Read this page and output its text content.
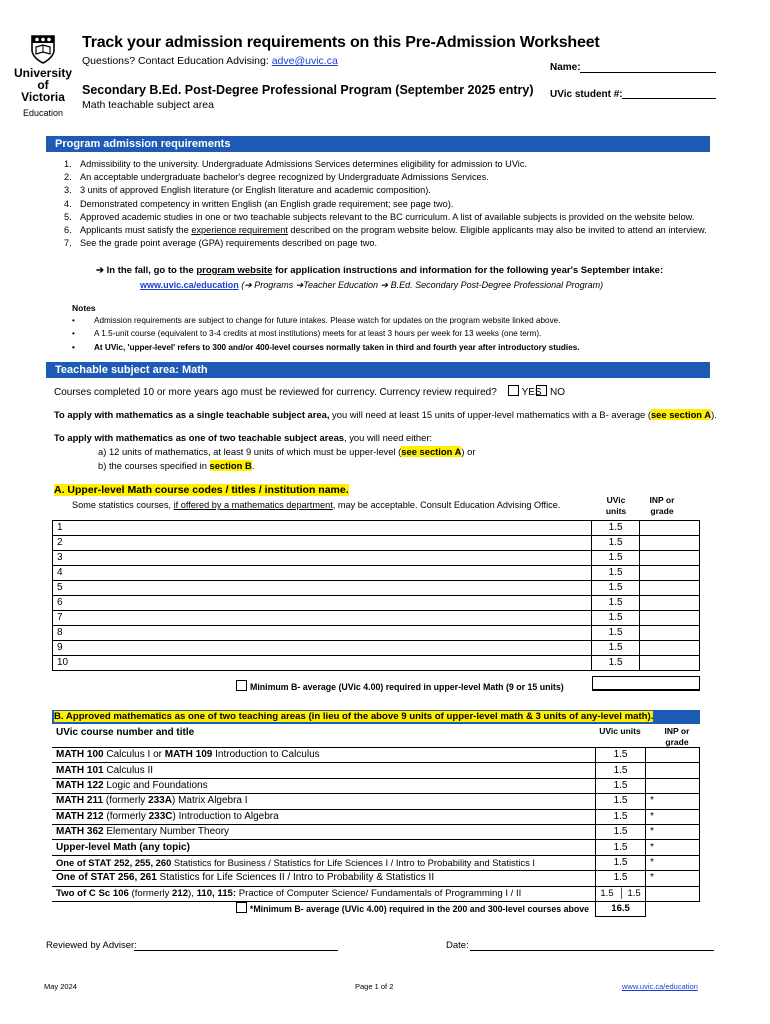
University
of Victoria
Education
Track your admission requirements on this Pre-Admission Worksheet
Questions? Contact Education Advising: adve@uvic.ca
Secondary B.Ed. Post-Degree Professional Program (September 2025 entry)
Math teachable subject area
Name:
UVic student #:
Program admission requirements
1. Admissibility to the university. Undergraduate Admissions Services determines eligibility for admission to UVic.
2. An acceptable undergraduate bachelor's degree recognized by Undergraduate Admissions Services.
3. 3 units of approved English literature (or English literature and academic composition).
4. Demonstrated competency in written English (an English grade requirement; see page two).
5. Approved academic studies in one or two teachable subjects relevant to the BC curriculum. A list of available subjects is provided on the website below.
6. Applicants must satisfy the experience requirement described on the program website below. Eligible applicants may also be invited to attend an interview.
7. See the grade point average (GPA) requirements described on page two.
➔ In the fall, go to the program website for application instructions and information for the following year's September intake:
www.uvic.ca/education (➔ Programs ➔Teacher Education ➔ B.Ed. Secondary Post-Degree Professional Program)
Notes
• Admission requirements are subject to change for future intakes. Please watch for updates on the program website linked above.
• A 1.5-unit course (equivalent to 3-4 credits at most institutions) meets for at least 3 hours per week for 13 weeks (one term).
• At UVic, 'upper-level' refers to 300 and/or 400-level courses normally taken in third and fourth year after introductory studies.
Teachable subject area: Math
Courses completed 10 or more years ago must be reviewed for currency. Currency review required? YES NO
To apply with mathematics as a single teachable subject area, you will need at least 15 units of upper-level mathematics with a B- average (see section A).
To apply with mathematics as one of two teachable subject areas, you will need either:
a) 12 units of mathematics, at least 9 units of which must be upper-level (see section A) or
b) the courses specified in section B.
A. Upper-level Math course codes / titles / institution name.
Some statistics courses, if offered by a mathematics department, may be acceptable. Consult Education Advising Office.	UVic units
INP or grade
1	1.5	
2	1.5	
3	1.5	
4	1.5	
5	1.5	
6	1.5	
7	1.5	
8	1.5	
9	1.5	
10	1.5	
Minimum B- average (UVic 4.00) required in upper-level Math (9 or 15 units)
B. Approved mathematics as one of two teaching areas (in lieu of the above 9 units of upper-level math & 3 units of any-level math).
UVic course number and title	UVic units	INP or grade
MATH 100 Calculus I or MATH 109 Introduction to Calculus	1.5	
MATH 101 Calculus II	1.5	
MATH 122 Logic and Foundations	1.5	
MATH 211 (formerly 233A) Matrix Algebra I	1.5	*
MATH 212 (formerly 233C) Introduction to Algebra	1.5	*
MATH 362 Elementary Number Theory	1.5	*
Upper-level Math (any topic)	1.5	*
One of STAT 252, 255, 260 Statistics for Business / Statistics for Life Sciences I / Intro to Probability and Statistics I	1.5	*
One of STAT 256, 261 Statistics for Life Sciences II / Intro to Probability & Statistics II	1.5	*
Two of C Sc 106 (formerly 212), 110, 115: Practice of Computer Science/ Fundamentals of Programming I / II	1.5  │ 1.5	
*Minimum B- average (UVic 4.00) required in the 200 and 300-level courses above	16.5	
Reviewed by Adviser:	Date:
May 2024	Page 1 of 2	www.uvic.ca/education
